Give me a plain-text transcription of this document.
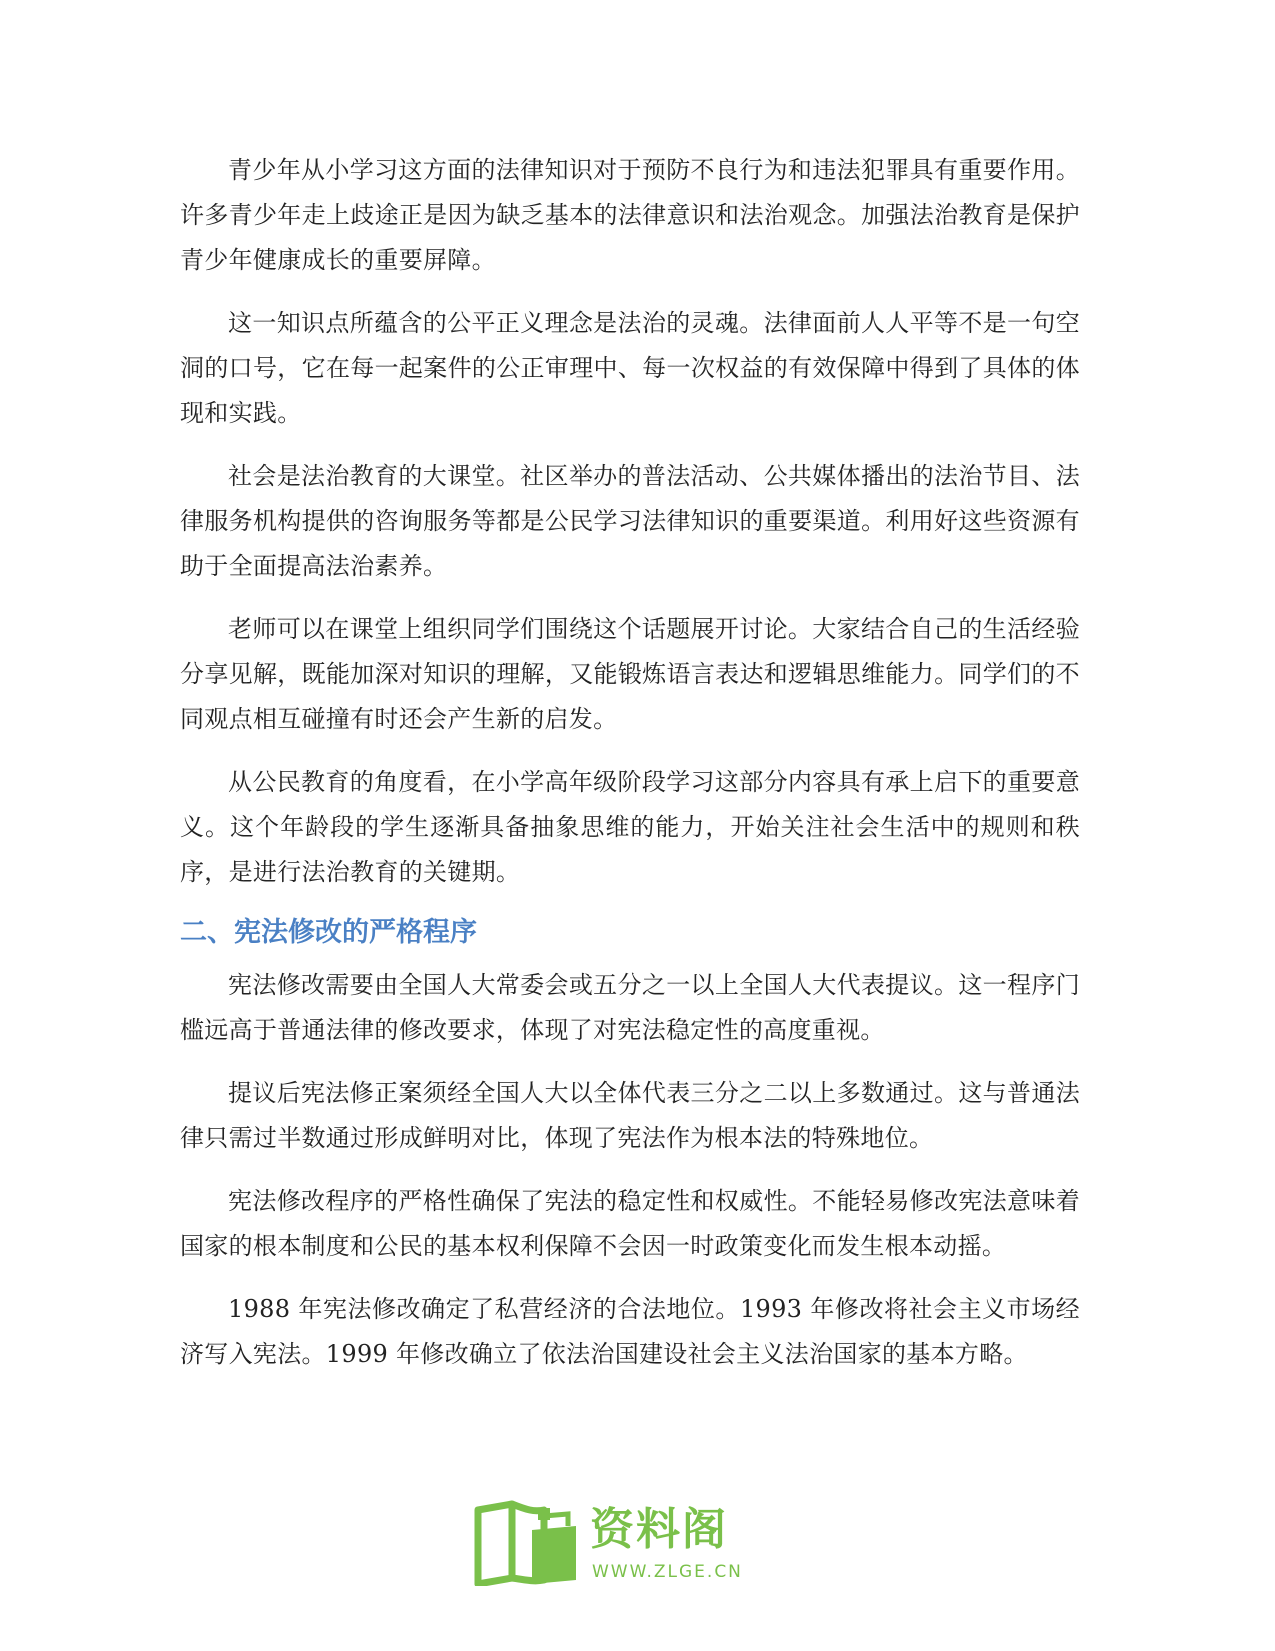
青少年从小学习这方面的法律知识对于预防不良行为和违法犯罪具有重要作用。许多青少年走上歧途正是因为缺乏基本的法律意识和法治观念。加强法治教育是保护青少年健康成长的重要屏障。

这一知识点所蕴含的公平正义理念是法治的灵魂。法律面前人人平等不是一句空洞的口号，它在每一起案件的公正审理中、每一次权益的有效保障中得到了具体的体现和实践。

社会是法治教育的大课堂。社区举办的普法活动、公共媒体播出的法治节目、法律服务机构提供的咨询服务等都是公民学习法律知识的重要渠道。利用好这些资源有助于全面提高法治素养。

老师可以在课堂上组织同学们围绕这个话题展开讨论。大家结合自己的生活经验分享见解，既能加深对知识的理解，又能锻炼语言表达和逻辑思维能力。同学们的不同观点相互碰撞有时还会产生新的启发。

从公民教育的角度看，在小学高年级阶段学习这部分内容具有承上启下的重要意义。这个年龄段的学生逐渐具备抽象思维的能力，开始关注社会生活中的规则和秩序，是进行法治教育的关键期。

二、宪法修改的严格程序

宪法修改需要由全国人大常委会或五分之一以上全国人大代表提议。这一程序门槛远高于普通法律的修改要求，体现了对宪法稳定性的高度重视。

提议后宪法修正案须经全国人大以全体代表三分之二以上多数通过。这与普通法律只需过半数通过形成鲜明对比，体现了宪法作为根本法的特殊地位。

宪法修改程序的严格性确保了宪法的稳定性和权威性。不能轻易修改宪法意味着国家的根本制度和公民的基本权利保障不会因一时政策变化而发生根本动摇。

1988 年宪法修改确定了私营经济的合法地位。1993 年修改将社会主义市场经济写入宪法。1999 年修改确立了依法治国建设社会主义法治国家的基本方略。

资料阁
WWW.ZLGE.CN
